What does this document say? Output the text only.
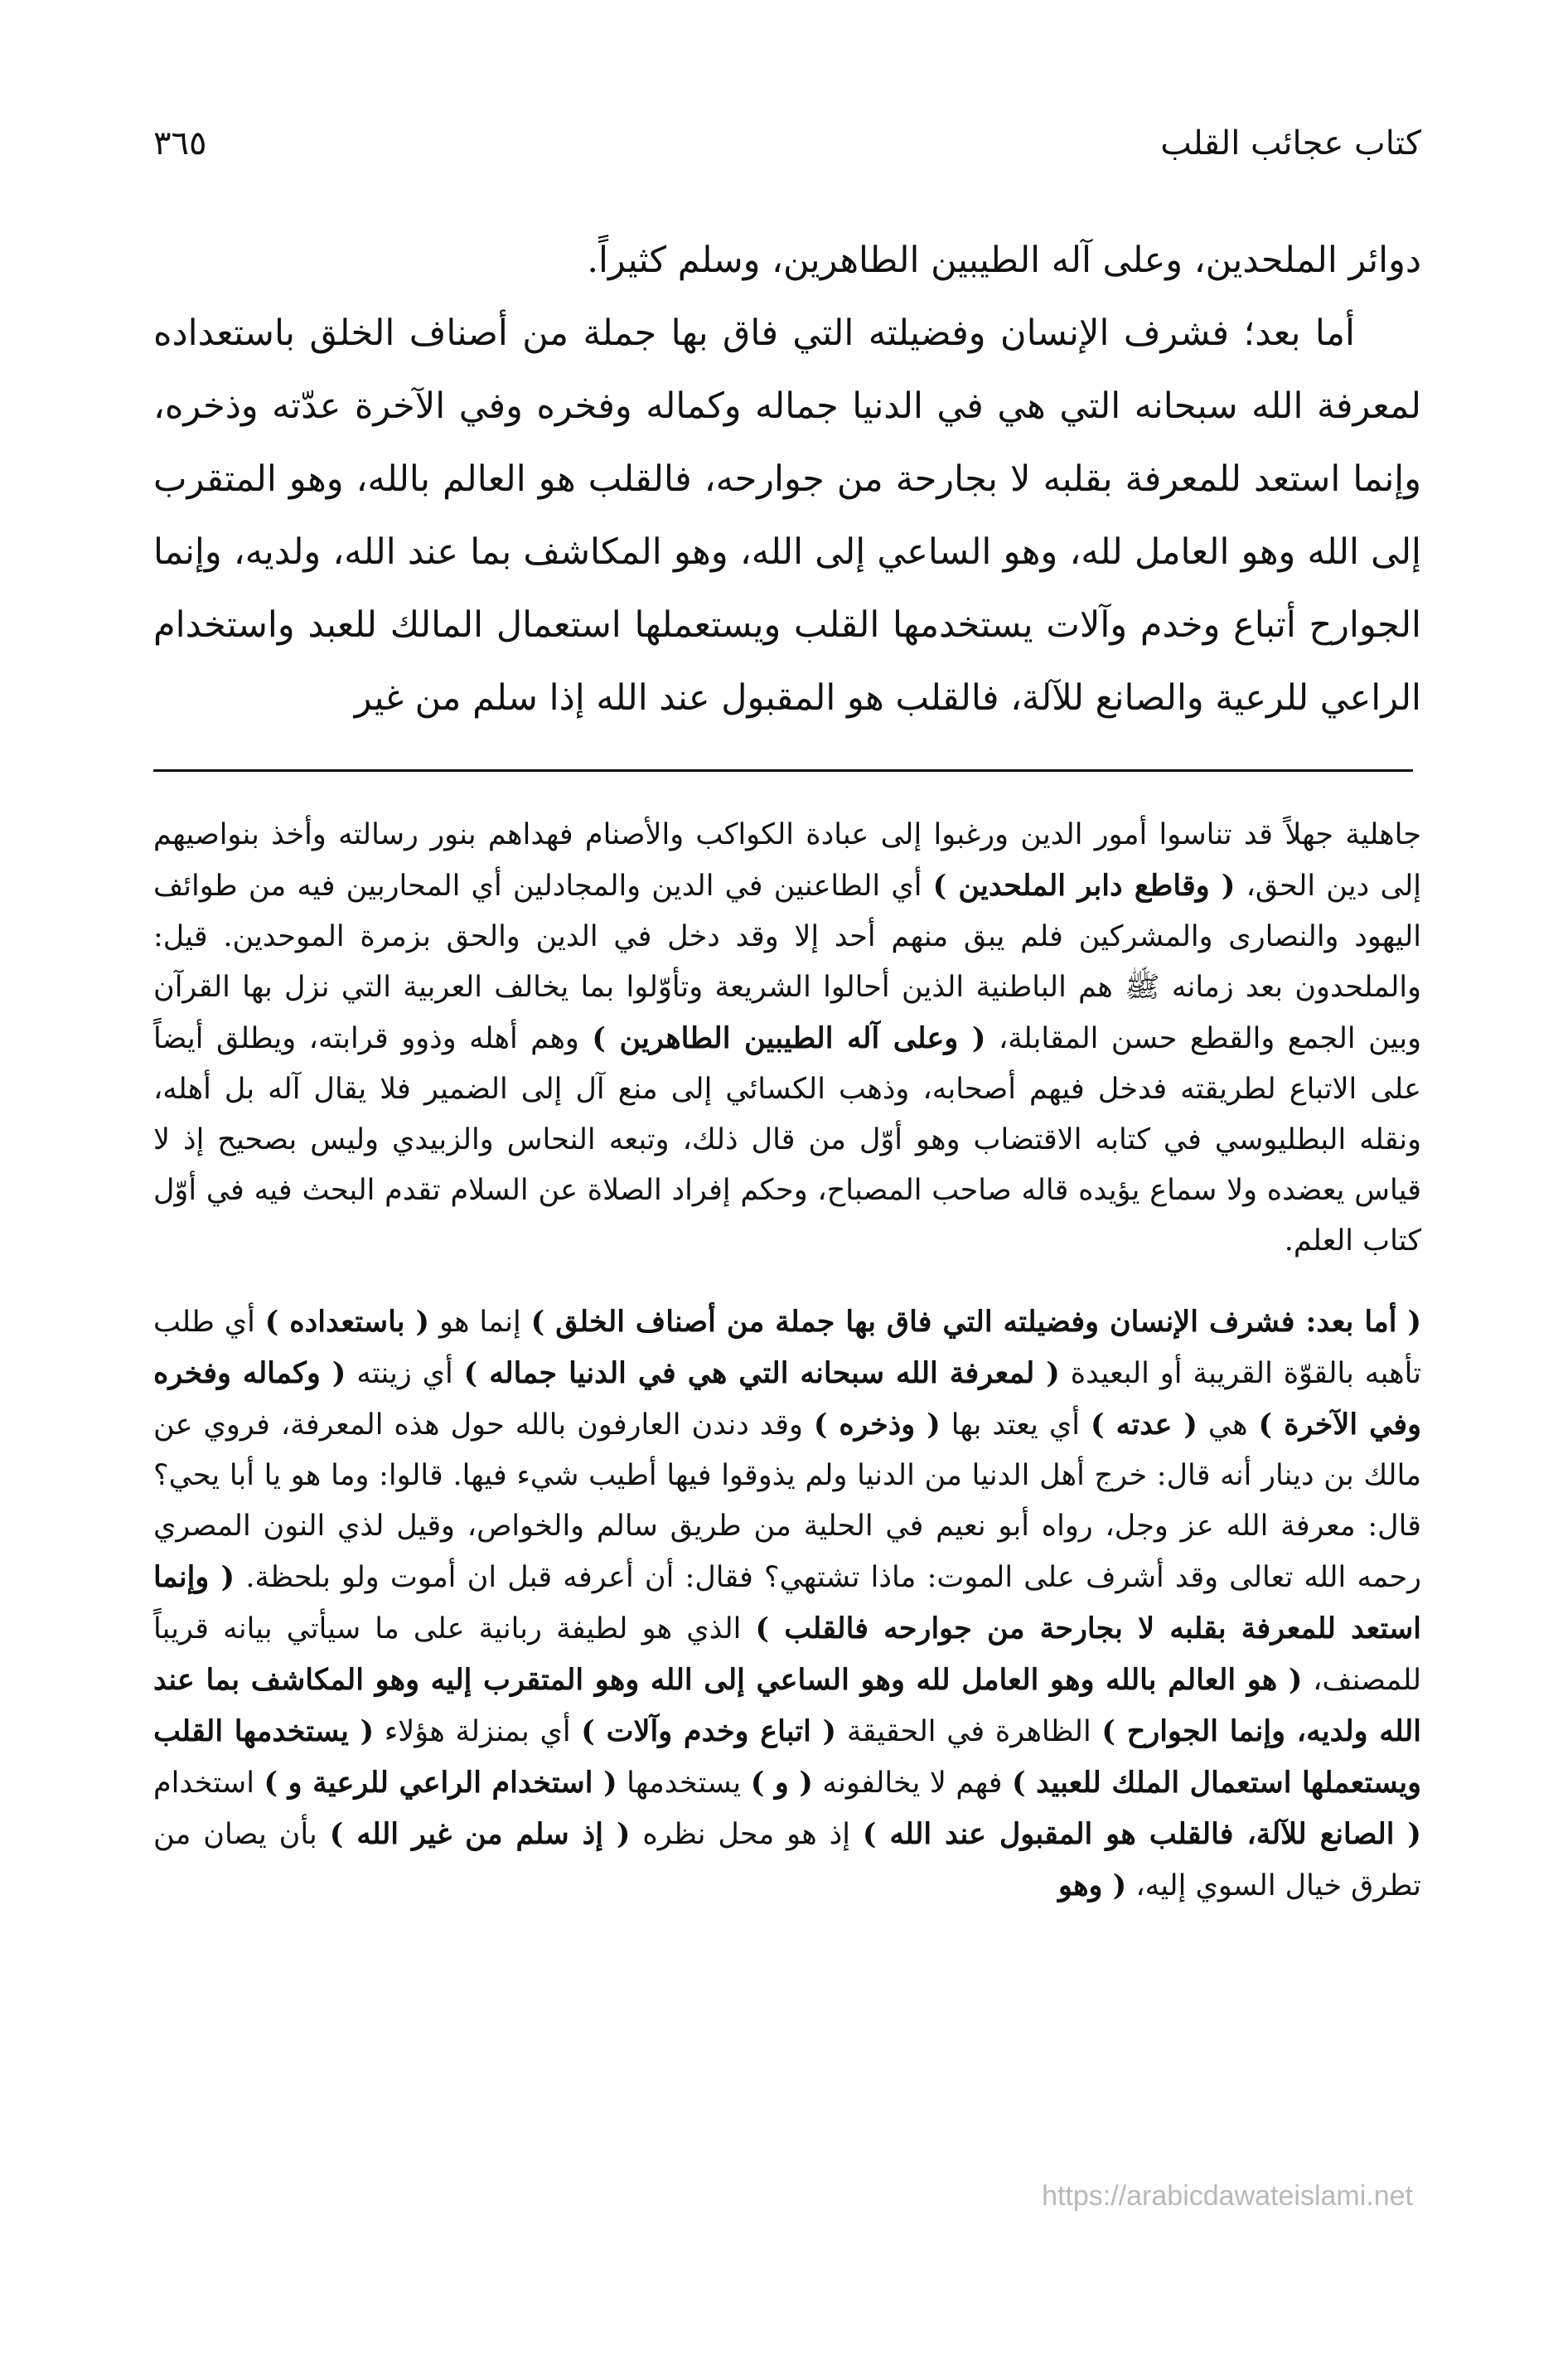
كتاب عجائب القلب
٣٦٥

دوائر الملحدين، وعلى آله الطيبين الطاهرين، وسلم كثيراً.

أما بعد؛ فشرف الإنسان وفضيلته التي فاق بها جملة من أصناف الخلق باستعداده لمعرفة الله سبحانه التي هي في الدنيا جماله وكماله وفخره وفي الآخرة عدّته وذخره، وإنما استعد للمعرفة بقلبه لا بجارحة من جوارحه، فالقلب هو العالم بالله، وهو المتقرب إلى الله وهو العامل لله، وهو الساعي إلى الله، وهو المكاشف بما عند الله، ولديه، وإنما الجوارح أتباع وخدم وآلات يستخدمها القلب ويستعملها استعمال المالك للعبد واستخدام الراعي للرعية والصانع للآلة، فالقلب هو المقبول عند الله إذا سلم من غير

جاهلية جهلاً قد تناسوا أمور الدين ورغبوا إلى عبادة الكواكب والأصنام فهداهم بنور رسالته وأخذ بنواصيهم إلى دين الحق، ( وقاطع دابر الملحدين ) أي الطاعنين في الدين والمجادلين أي المحاربين فيه من طوائف اليهود والنصارى والمشركين فلم يبق منهم أحد إلا وقد دخل في الدين والحق بزمرة الموحدين. قيل: والملحدون بعد زمانه ﷺ هم الباطنية الذين أحالوا الشريعة وتأوّلوا بما يخالف العربية التي نزل بها القرآن وبين الجمع والقطع حسن المقابلة، ( وعلى آله الطيبين الطاهرين ) وهم أهله وذوو قرابته، ويطلق أيضاً على الاتباع لطريقته فدخل فيهم أصحابه، وذهب الكسائي إلى منع آل إلى الضمير فلا يقال آله بل أهله، ونقله البطليوسي في كتابه الاقتضاب وهو أوّل من قال ذلك، وتبعه النحاس والزبيدي وليس بصحيح إذ لا قياس يعضده ولا سماع يؤيده قاله صاحب المصباح، وحكم إفراد الصلاة عن السلام تقدم البحث فيه في أوّل كتاب العلم.

( أما بعد: فشرف الإنسان وفضيلته التي فاق بها جملة من أصناف الخلق ) إنما هو ( باستعداده ) أي طلب تأهبه بالقوّة القريبة أو البعيدة ( لمعرفة الله سبحانه التي هي في الدنيا جماله ) أي زينته ( وكماله وفخره وفي الآخرة ) هي ( عدته ) أي يعتد بها ( وذخره ) وقد دندن العارفون بالله حول هذه المعرفة، فروي عن مالك بن دينار أنه قال: خرج أهل الدنيا من الدنيا ولم يذوقوا فيها أطيب شيء فيها. قالوا: وما هو يا أبا يحي؟ قال: معرفة الله عز وجل، رواه أبو نعيم في الحلية من طريق سالم والخواص، وقيل لذي النون المصري رحمه الله تعالى وقد أشرف على الموت: ماذا تشتهي؟ فقال: أن أعرفه قبل ان أموت ولو بلحظة. ( وإنما استعد للمعرفة بقلبه لا بجارحة من جوارحه فالقلب ) الذي هو لطيفة ربانية على ما سيأتي بيانه قريباً للمصنف، ( هو العالم بالله وهو العامل لله وهو الساعي إلى الله وهو المتقرب إليه وهو المكاشف بما عند الله ولديه، وإنما الجوارح ) الظاهرة في الحقيقة ( اتباع وخدم وآلات ) أي بمنزلة هؤلاء ( يستخدمها القلب ويستعملها استعمال الملك للعبيد ) فهم لا يخالفونه ( و ) يستخدمها ( استخدام الراعي للرعية و ) استخدام ( الصانع للآلة، فالقلب هو المقبول عند الله ) إذ هو محل نظره ( إذ سلم من غير الله ) بأن يصان من تطرق خيال السوي إليه، ( وهو

https://arabicdawateislami.net
